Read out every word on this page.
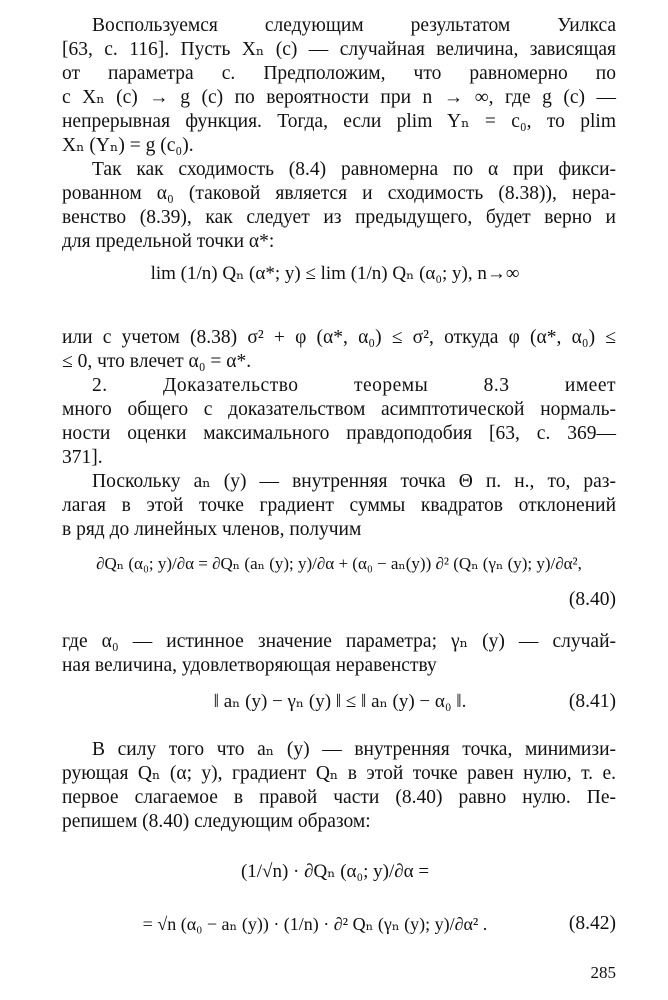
Воспользуемся следующим результатом Уилкса
[63, с. 116]. Пусть Xₙ (c) — случайная величина, зависящая
от параметра c. Предположим, что равномерно по
c Xₙ (c) → g (c) по вероятности при n → ∞, где g (c) —
непрерывная функция. Тогда, если plim Yₙ = c₀, то plim
Xₙ (Yₙ) = g (c₀).
Так как сходимость (8.4) равномерна по α при фикси-
рованном α₀ (таковой является и сходимость (8.38)), нера-
венство (8.39), как следует из предыдущего, будет верно и
для предельной точки α*:
lim (1/n) Qₙ (α*; y) ≤ lim (1/n) Qₙ (α₀; y), n→∞
или с учетом (8.38) σ² + φ (α*, α₀) ≤ σ², откуда φ (α*, α₀) ≤
≤ 0, что влечет α₀ = α*.
2. Доказательство теоремы 8.3 имеет
много общего с доказательством асимптотической нормаль-
ности оценки максимального правдоподобия [63, с. 369—
371].
Поскольку aₙ (y) — внутренняя точка Θ п. н., то, раз-
лагая в этой точке градиент суммы квадратов отклонений
в ряд до линейных членов, получим
∂Qₙ (α₀; y)/∂α = ∂Qₙ (aₙ (y); y)/∂α + (α₀ − aₙ(y)) ∂² (Qₙ (γₙ (y); y)/∂α²,
(8.40)
где α₀ — истинное значение параметра; γₙ (y) — случай-
ная величина, удовлетворяющая неравенству
‖ aₙ (y) − γₙ (y) ‖ ≤ ‖ aₙ (y) − α₀ ‖.	(8.41)
В силу того что aₙ (y) — внутренняя точка, минимизи-
рующая Qₙ (α; y), градиент Qₙ в этой точке равен нулю, т. е.
первое слагаемое в правой части (8.40) равно нулю. Пе-
репишем (8.40) следующим образом:
(1/√n) · ∂Qₙ (α₀; y)/∂α =
= √n (α₀ − aₙ (y)) · (1/n) · ∂² Qₙ (γₙ (y); y)/∂α² .	(8.42)
285
